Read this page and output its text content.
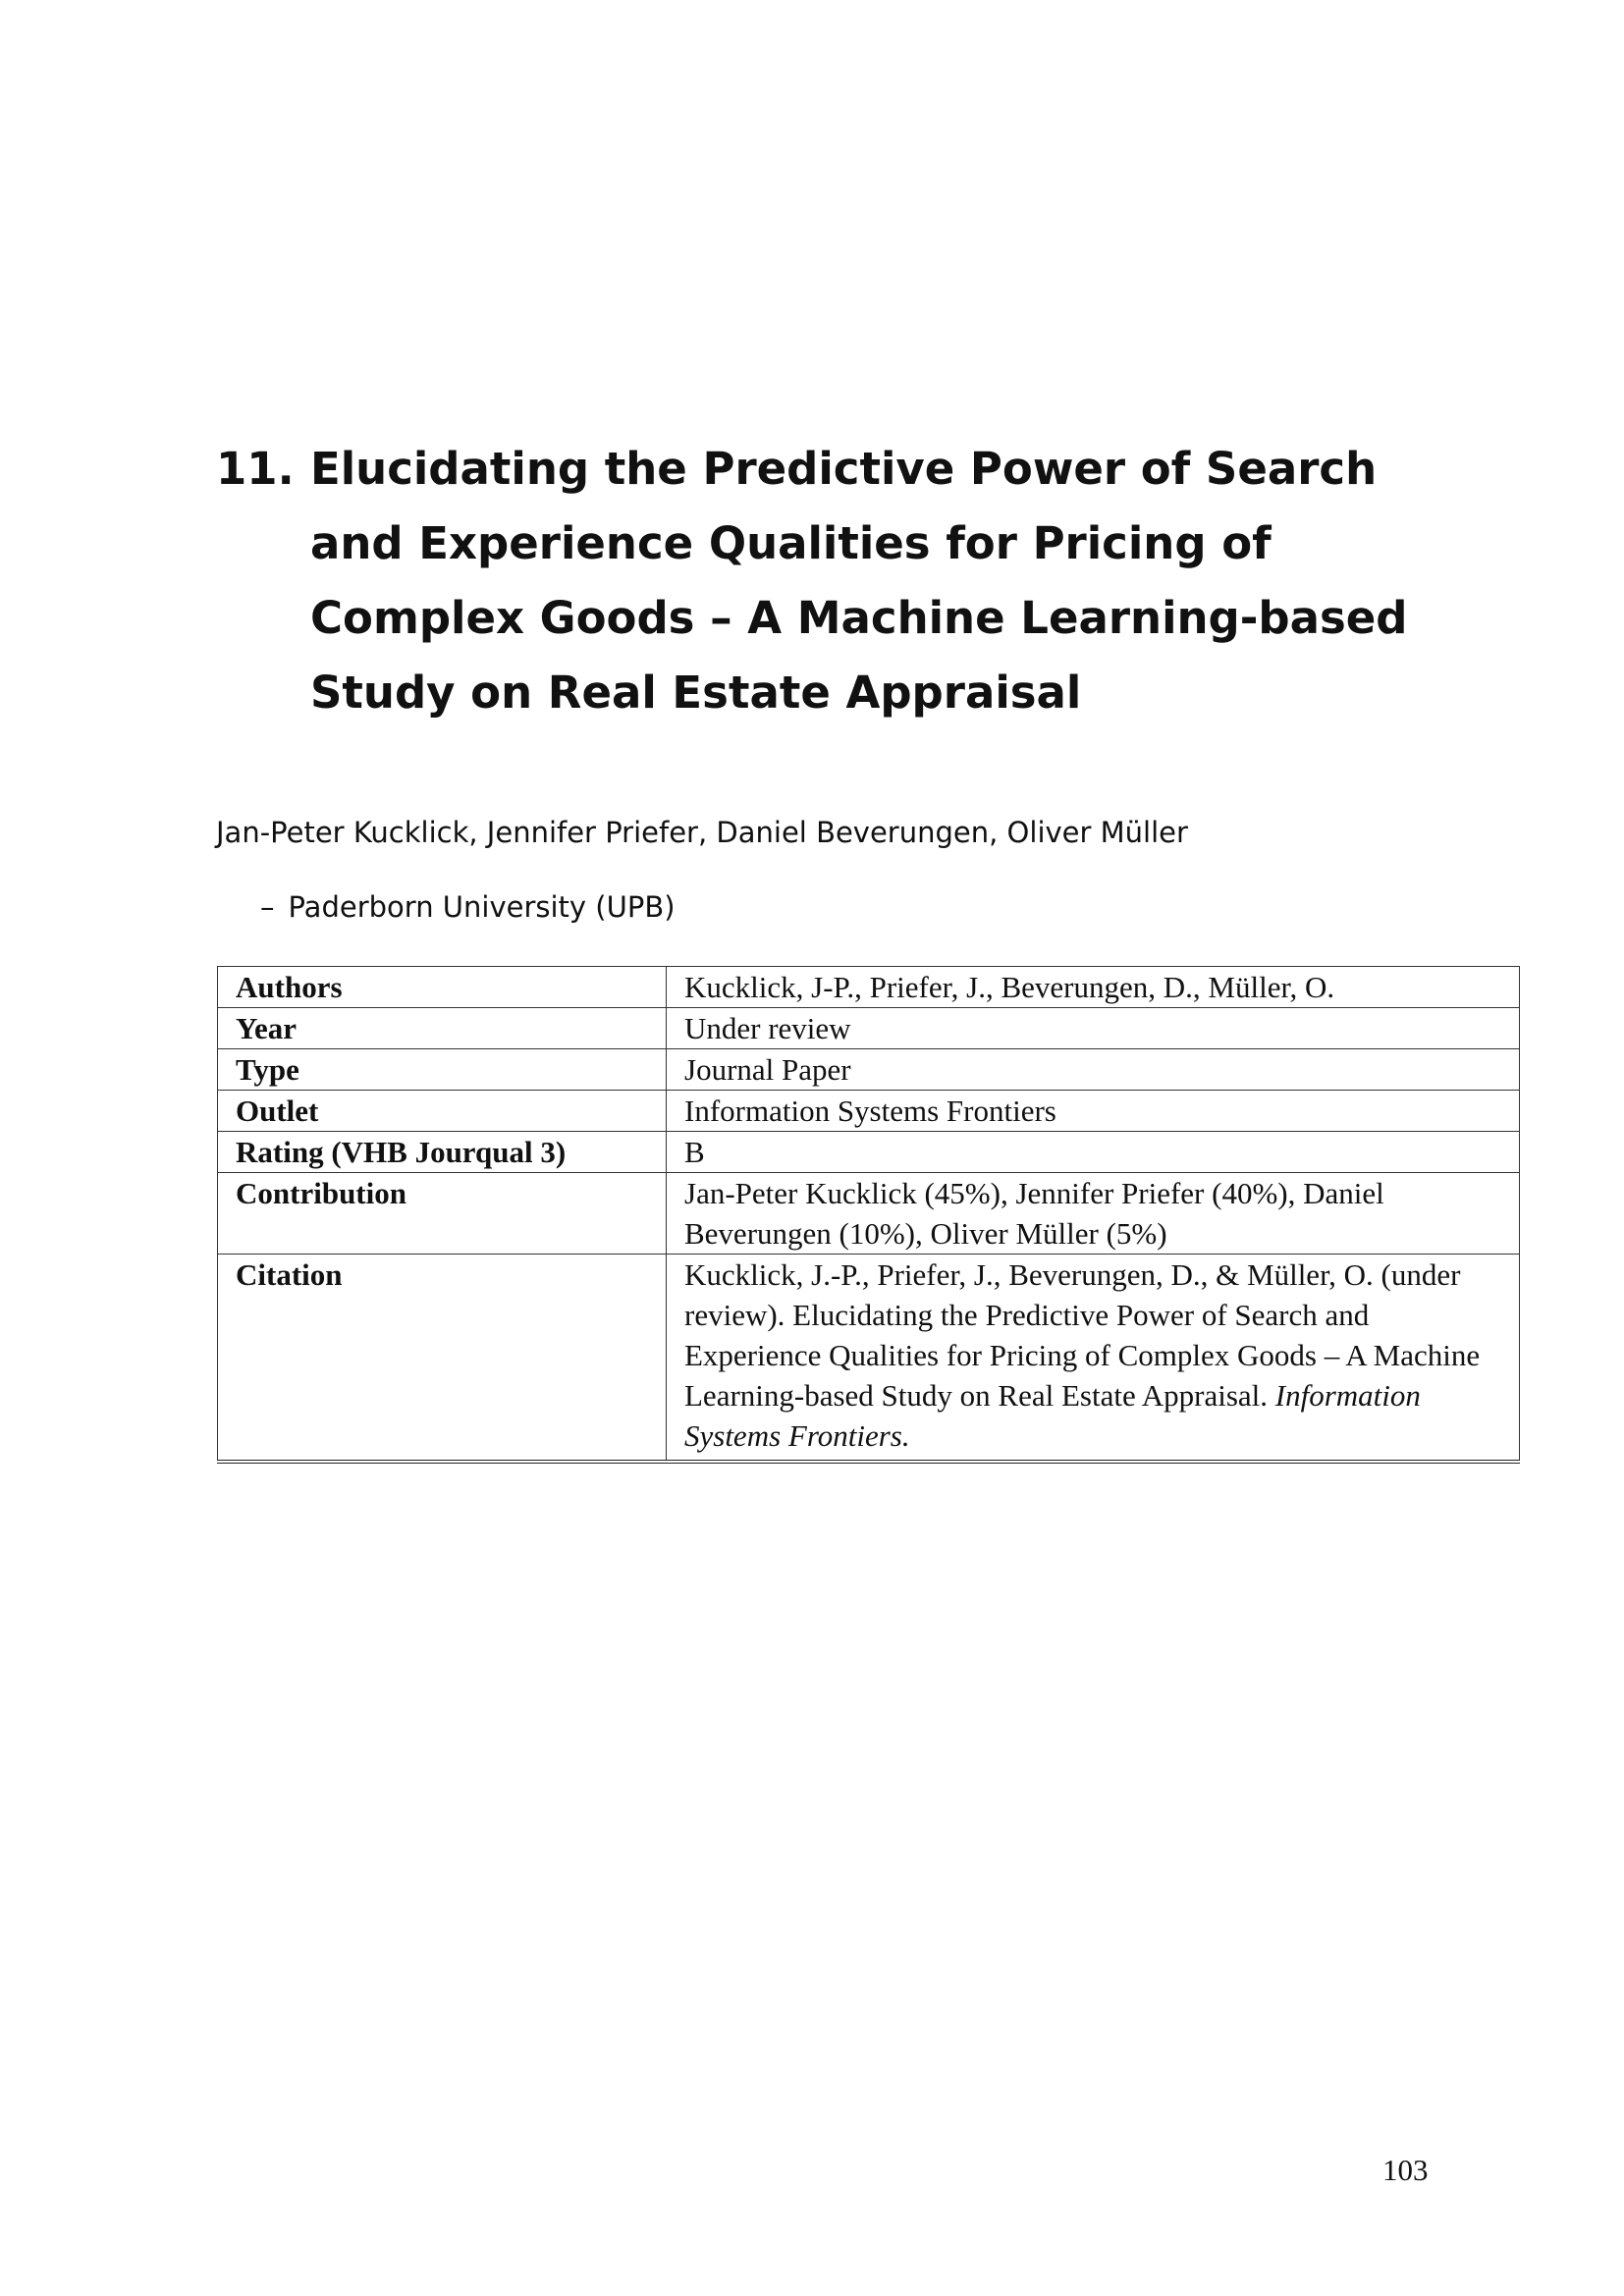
11. Elucidating the Predictive Power of Search and Experience Qualities for Pricing of Complex Goods – A Machine Learning-based Study on Real Estate Appraisal
Jan-Peter Kucklick, Jennifer Priefer, Daniel Beverungen, Oliver Müller
– Paderborn University (UPB)
Authors	Kucklick, J-P., Priefer, J., Beverungen, D., Müller, O.
Year	Under review
Type	Journal Paper
Outlet	Information Systems Frontiers
Rating (VHB Jourqual 3)	B
Contribution	Jan-Peter Kucklick (45%), Jennifer Priefer (40%), Daniel Beverungen (10%), Oliver Müller (5%)
Citation	Kucklick, J.-P., Priefer, J., Beverungen, D., & Müller, O. (under review). Elucidating the Predictive Power of Search and Experience Qualities for Pricing of Complex Goods – A Machine Learning-based Study on Real Estate Appraisal. Information Systems Frontiers.
103
